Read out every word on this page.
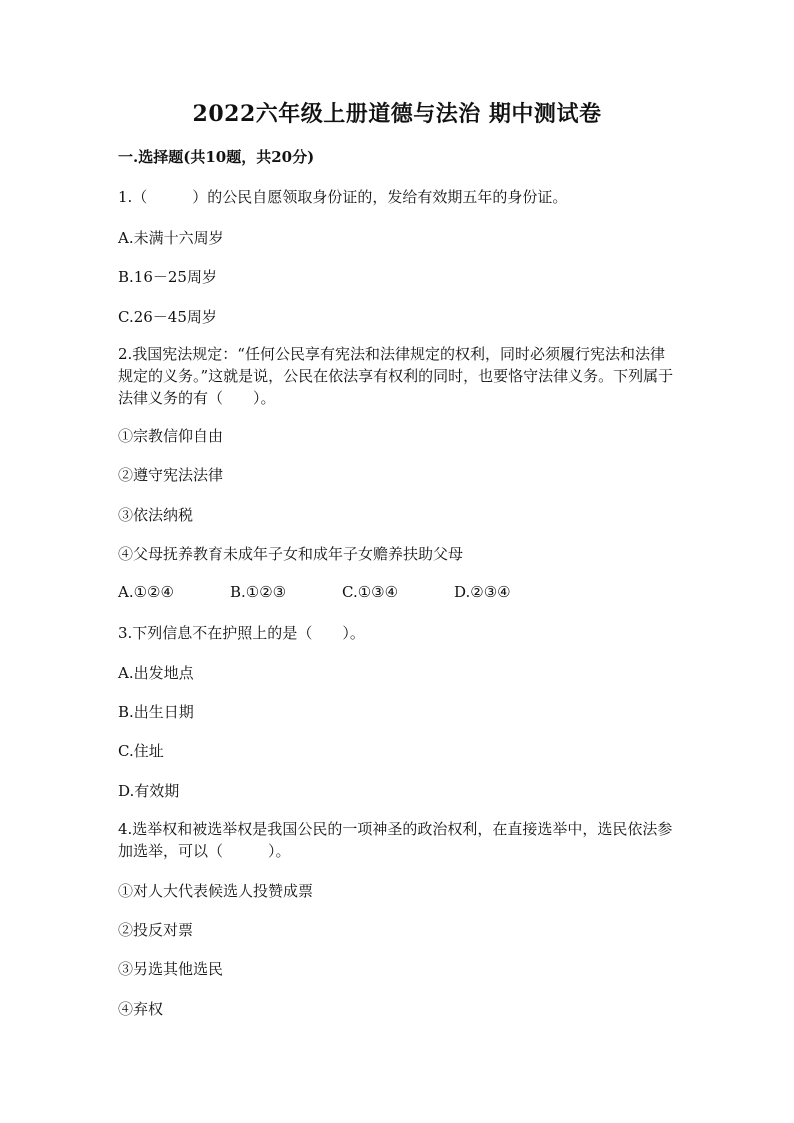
2022六年级上册道德与法治 期中测试卷
一.选择题(共10题，共20分)
1.（　　　）的公民自愿领取身份证的，发给有效期五年的身份证。
A.未满十六周岁
B.16－25周岁
C.26－45周岁
2.我国宪法规定：“任何公民享有宪法和法律规定的权利，同时必须履行宪法和法律规定的义务。”这就是说，公民在依法享有权利的同时，也要恪守法律义务。下列属于法律义务的有（　　）。
①宗教信仰自由
②遵守宪法法律
③依法纳税
④父母抚养教育未成年子女和成年子女赡养扶助父母
A.①②④	B.①②③	C.①③④	D.②③④
3.下列信息不在护照上的是（　　）。
A.出发地点
B.出生日期
C.住址
D.有效期
4.选举权和被选举权是我国公民的一项神圣的政治权利，在直接选举中，选民依法参加选举，可以（　　　）。
①对人大代表候选人投赞成票
②投反对票
③另选其他选民
④弃权
